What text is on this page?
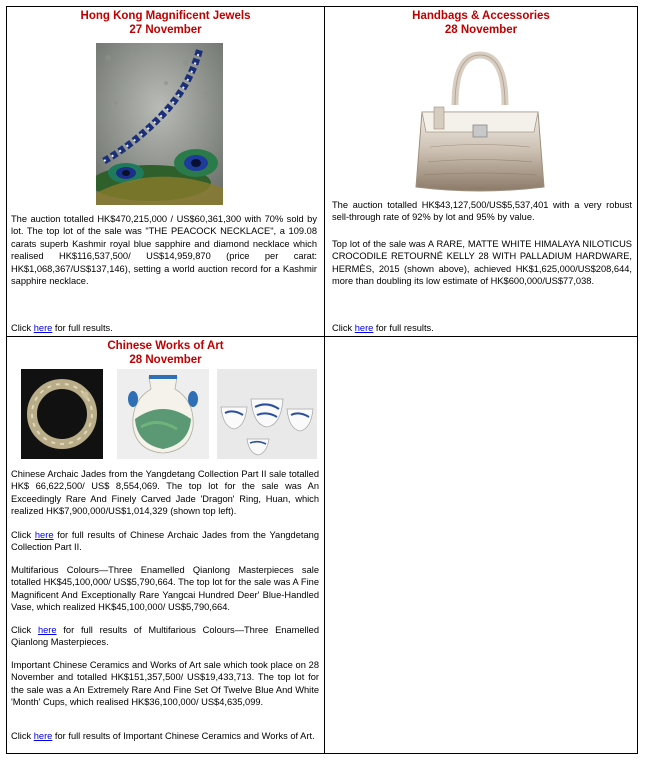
Hong Kong Magnificent Jewels
27 November
The auction totalled HK$470,215,000 / US$60,361,300 with 70% sold by lot. The top lot of the sale was "THE PEACOCK NECKLACE", a 109.08 carats superb Kashmir royal blue sapphire and diamond necklace which realised HK$116,537,500/ US$14,959,870 (price per carat: HK$1,068,367/US$137,146), setting a world auction record for a Kashmir sapphire necklace.
Click here for full results.
Handbags & Accessories
28 November
The auction totalled HK$43,127,500/US$5,537,401 with a very robust sell-through rate of 92% by lot and 95% by value.
Top lot of the sale was A RARE, MATTE WHITE HIMALAYA NILOTICUS CROCODILE RETOURNÉ KELLY 28 WITH PALLADIUM HARDWARE, HERMÈS, 2015 (shown above), achieved HK$1,625,000/US$208,644, more than doubling its low estimate of HK$600,000/US$77,038.
Click here for full results.
Chinese Works of Art
28 November
Chinese Archaic Jades from the Yangdetang Collection Part II sale totalled HK$ 66,622,500/ US$ 8,554,069. The top lot for the sale was An Exceedingly Rare And Finely Carved Jade 'Dragon' Ring, Huan, which realized HK$7,900,000/US$1,014,329 (shown top left).
Click here for full results of Chinese Archaic Jades from the Yangdetang Collection Part II.
Multifarious Colours—Three Enamelled Qianlong Masterpieces sale totalled HK$45,100,000/ US$5,790,664. The top lot for the sale was A Fine Magnificent And Exceptionally Rare Yangcai Hundred Deer' Blue-Handled Vase, which realized HK$45,100,000/ US$5,790,664.
Click here for full results of Multifarious Colours—Three Enamelled Qianlong Masterpieces.
Important Chinese Ceramics and Works of Art sale which took place on 28 November and totalled HK$151,357,500/ US$19,433,713. The top lot for the sale was a An Extremely Rare And Fine Set Of Twelve Blue And White 'Month' Cups, which realised HK$36,100,000/ US$4,635,099.
Click here for full results of Important Chinese Ceramics and Works of Art.
